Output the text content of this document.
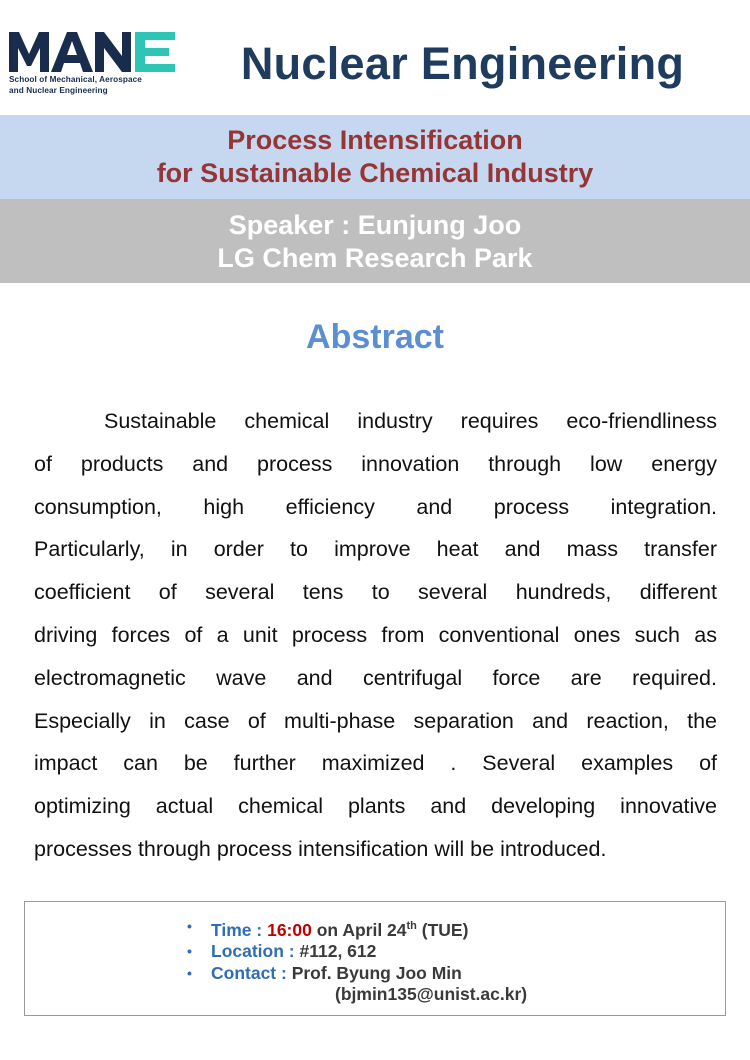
School of Mechanical, Aerospace
and Nuclear Engineering
Nuclear Engineering
Process Intensification
for Sustainable Chemical Industry
Speaker : Eunjung Joo
LG Chem Research Park
Abstract
Sustainable chemical industry requires eco-friendliness
of products and process innovation through low energy
consumption, high efficiency and process integration.
Particularly, in order to improve heat and mass transfer
coefficient of several tens to several hundreds, different
driving forces of a unit process from conventional ones such as
electromagnetic wave and centrifugal force are required.
Especially in case of multi-phase separation and reaction, the
impact can be further maximized . Several examples of
optimizing actual chemical plants and developing innovative
processes through process intensification will be introduced.
• Time : 16:00 on April 24th (TUE)
• Location : #112, 612
• Contact : Prof. Byung Joo Min
(bjmin135@unist.ac.kr)
